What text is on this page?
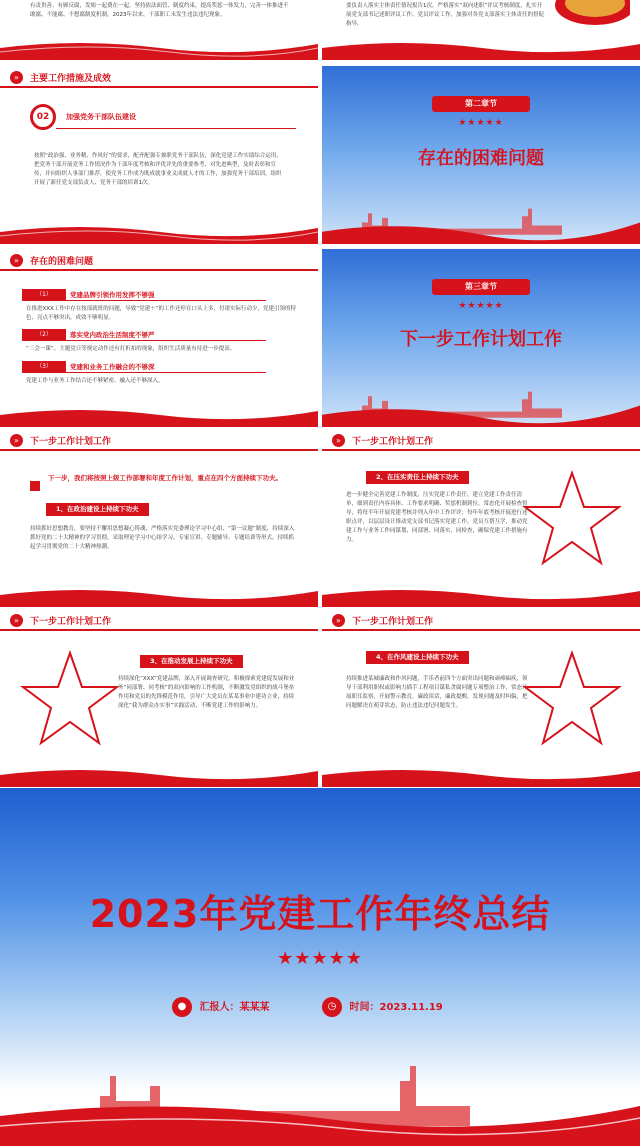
有责贵善、有顾反腐，发姐一起费在一起，坚持依法面管、制度约束，提高奖惩一体发力，完善一体推进不敢腐、不能腐、不想腐制度机制，2023年以来，干部职工未发生违法违纪现象。
要负责人落实主体责任情况报告1次，严格落实“双向述职”评议考核制度，扎实开展党支部书记述职评议工作、党员评议工作，加强对各党支部落实主体责任的督促指导。
»	主要工作措施及成效
02	加强党务干部队伍建设
按照“政治强、业务精、作风好”的要求，配齐配强专兼职党务干部队伍，深化党建工作实绩综合运用，把党务干部开展党务工作情况作为干部年度考核和评优评先的重要参考，对先进典型，及时表彰和宣传，并向组织人事部门推荐，使党务工作成为既成就事业又成就人才的工作，加强党务干部培训，组织开展了新任党支部负责人、党务干部的培训1次。
第二章节
★★★★★
存在的困难问题
»	存在的困难问题
（1）	党建品牌引领作用发挥不够强
在推进XXX工作中存在按部就班的问题，导致“党建＋”的工作还停在口头上多，付诸实际行动少，党建引领的特色、亮点不够突出，成效不够明显。
（2）	落实党内政治生活制度不够严
“三会一课”、主题党日等规定动作还有打折扣的现象，组织生活质量有待进一步提高。
（3）	党建和业务工作融合的不够深
党建工作与业务工作结合还不够紧密、融入还不够深入。
第三章节
★★★★★
下一步工作计划工作
»	下一步工作计划工作
下一步，我们将按照上级工作部署和年度工作计划，重点在四个方面持续下功夫。
1、在政治建设上持续下功夫
持续抓好思想教育，要坚持不懈用思想凝心铸魂，严格落实党委理论学习中心组、“第一议题”制度，持续深入抓好党的二十大精神的学习贯彻，采取理论学习中心组学习、专家宣讲、专题辅导、专题培训等形式，持续抓起学习贯彻党的二十大精神热潮。
»	下一步工作计划工作
2、在压实责任上持续下功夫
进一步健全完善党建工作制度，压实党建工作责任，建立党建工作责任清单，细到责任内容具体、工作要求明确、奖惩机制到位。常态化开展检查督导，将每半年开展党建考核并列入年中工作评评；每年年底考核开展进行述职点评，以层层设计推动党支部书记落实党建工作，党员互帮互学，推动党建工作与业务工作同谋划、同部署、同落实、同检查，确保党建工作措施有力。
»	下一步工作计划工作
3、在推动发展上持续下功夫
持续深化“XXX”党建品牌，深入开展调查研究，积极探索党建促发展和业务“同部署、同考核”的双向影响的工作机制，不断激发党组织的战斗堡垒作用和党员的先锋模范作用，引导广大党员在某某事业中建功立业，持续深化“我为群众办实事”实践活动，不断党建工作的影响力。
»	下一步工作计划工作
4、在作风建设上持续下功夫
持续推进某城廉政和作风问题，手乐者前四个方面突出问题和顽瘴痼疾，领导干部利用职权或影响力插手工程项目谋私贪腐问题专项整治工作，常态开展职耳监察，开展警示教育，廉政谈话，廉政提醒，发现问题及时纠偏，把问题解决在萌芽状态，防止违法违纪问题发生。
2023年党建工作年终总结
★★★★★
● 汇报人：某某某	◷ 时间：2023.11.19
